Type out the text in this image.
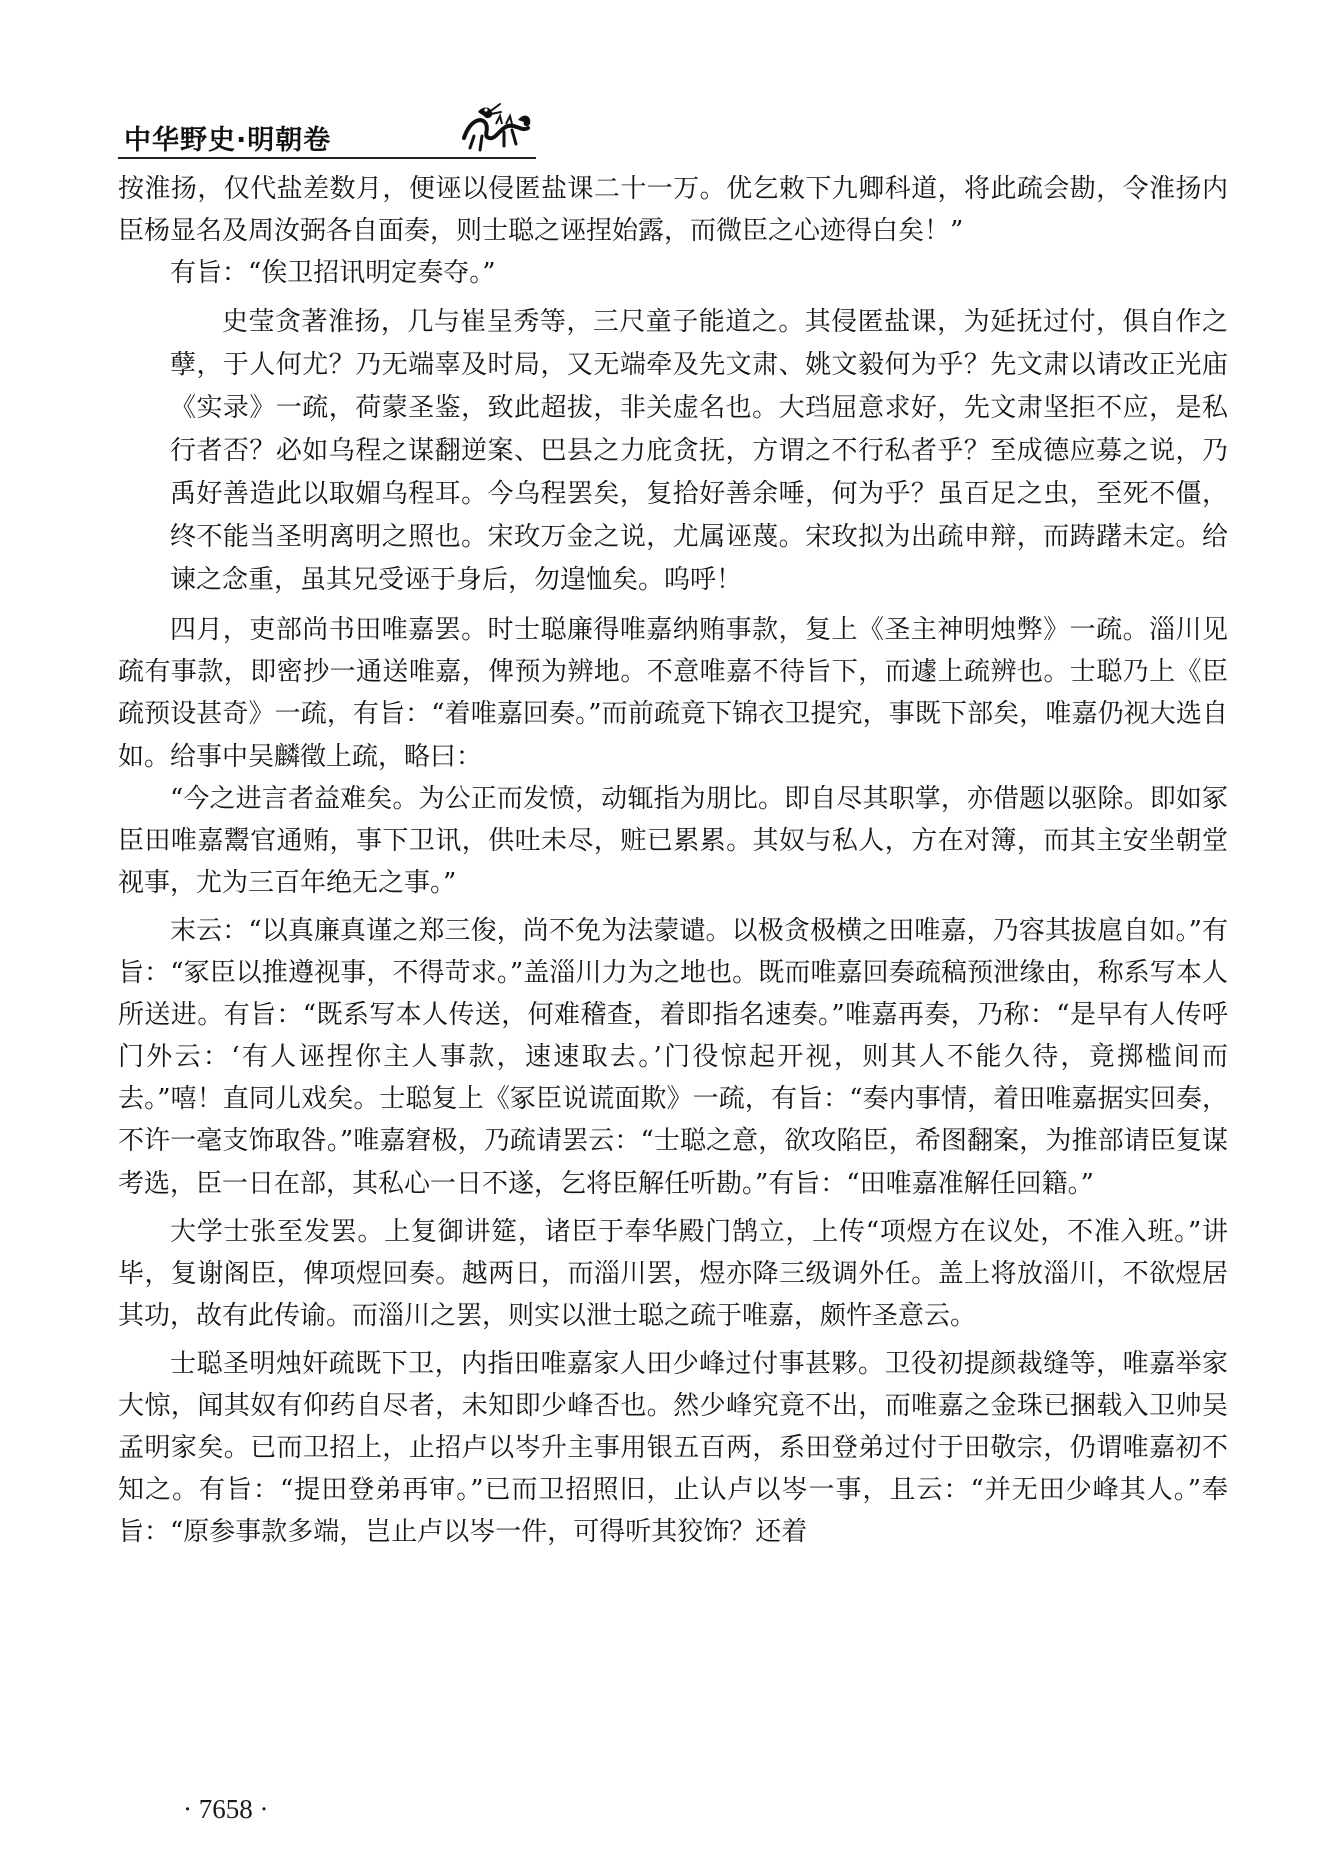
中华野史·明朝卷

按淮扬，仅代盐差数月，便诬以侵匿盐课二十一万。优乞敕下九卿科道，将此疏会勘，令淮扬内臣杨显名及周汝弼各自面奏，则士聪之诬捏始露，而微臣之心迹得白矣！”

有旨：“俟卫招讯明定奏夺。”

史莹贪著淮扬，几与崔呈秀等，三尺童子能道之。其侵匿盐课，为延抚过付，俱自作之孽，于人何尤？乃无端辜及时局，又无端牵及先文肃、姚文毅何为乎？先文肃以请改正光庙《实录》一疏，荷蒙圣鉴，致此超拔，非关虚名也。大珰屈意求好，先文肃坚拒不应，是私行者否？必如乌程之谋翻逆案、巴县之力庇贪抚，方谓之不行私者乎？至成德应募之说，乃禹好善造此以取媚乌程耳。今乌程罢矣，复拾好善余唾，何为乎？虽百足之虫，至死不僵，终不能当圣明离明之照也。宋玫万金之说，尤属诬蔑。宋玫拟为出疏申辩，而踌躇未定。给谏之念重，虽其兄受诬于身后，勿遑恤矣。呜呼！

四月，吏部尚书田唯嘉罢。时士聪廉得唯嘉纳贿事款，复上《圣主神明烛弊》一疏。淄川见疏有事款，即密抄一通送唯嘉，俾预为辨地。不意唯嘉不待旨下，而遽上疏辨也。士聪乃上《臣疏预设甚奇》一疏，有旨：“着唯嘉回奏。”而前疏竟下锦衣卫提究，事既下部矣，唯嘉仍视大选自如。给事中吴麟徵上疏，略曰：

“今之进言者益难矣。为公正而发愤，动辄指为朋比。即自尽其职掌，亦借题以驱除。即如冢臣田唯嘉鬻官通贿，事下卫讯，供吐未尽，赃已累累。其奴与私人，方在对簿，而其主安坐朝堂视事，尤为三百年绝无之事。”

末云：“以真廉真谨之郑三俊，尚不免为法蒙谴。以极贪极横之田唯嘉，乃容其拔扈自如。”有旨：“冢臣以推遵视事，不得苛求。”盖淄川力为之地也。既而唯嘉回奏疏稿预泄缘由，称系写本人所送进。有旨：“既系写本人传送，何难稽查，着即指名速奏。”唯嘉再奏，乃称：“是早有人传呼门外云：‘有人诬捏你主人事款，速速取去。’门役惊起开视，则其人不能久待，竟掷槛间而去。”嘻！直同儿戏矣。士聪复上《冢臣说谎面欺》一疏，有旨：“奏内事情，着田唯嘉据实回奏，不许一毫支饰取咎。”唯嘉窘极，乃疏请罢云：“士聪之意，欲攻陷臣，希图翻案，为推部请臣复谋考选，臣一日在部，其私心一日不遂，乞将臣解任听勘。”有旨：“田唯嘉准解任回籍。”

大学士张至发罢。上复御讲筵，诸臣于奉华殿门鹄立，上传“项煜方在议处，不准入班。”讲毕，复谢阁臣，俾项煜回奏。越两日，而淄川罢，煜亦降三级调外任。盖上将放淄川，不欲煜居其功，故有此传谕。而淄川之罢，则实以泄士聪之疏于唯嘉，颇忤圣意云。

士聪圣明烛奸疏既下卫，内指田唯嘉家人田少峰过付事甚夥。卫役初提颜裁缝等，唯嘉举家大惊，闻其奴有仰药自尽者，未知即少峰否也。然少峰究竟不出，而唯嘉之金珠已捆载入卫帅吴孟明家矣。已而卫招上，止招卢以岑升主事用银五百两，系田登弟过付于田敬宗，仍谓唯嘉初不知之。有旨：“提田登弟再审。”已而卫招照旧，止认卢以岑一事，且云：“并无田少峰其人。”奉旨：“原参事款多端，岂止卢以岑一件，可得听其狡饰？还着

· 7658 ·
